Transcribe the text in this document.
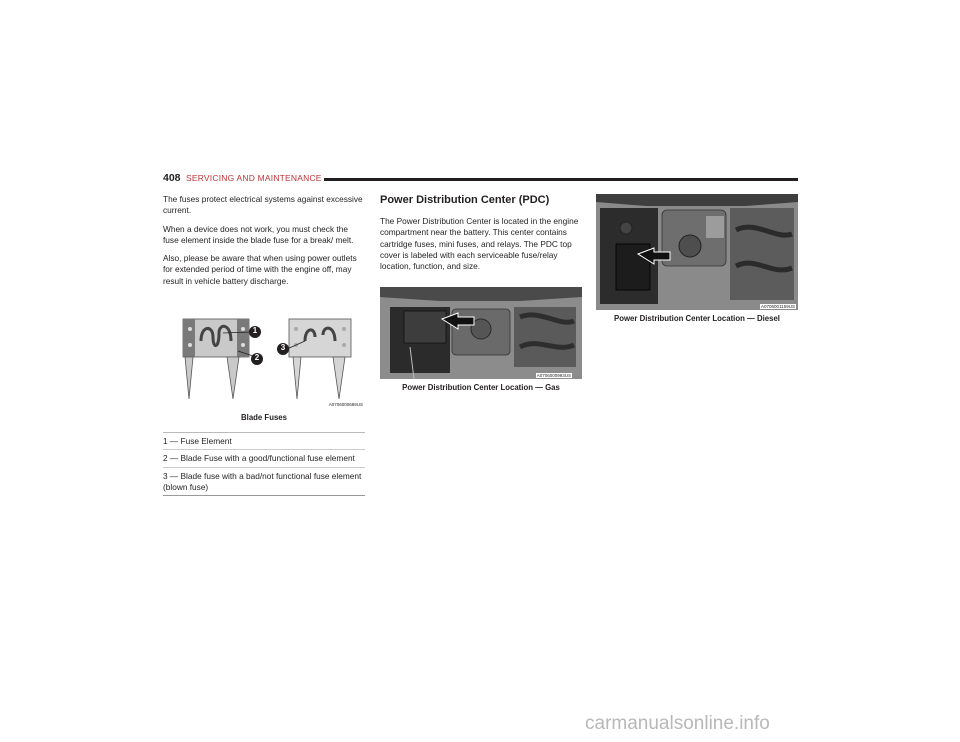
408 SERVICING AND MAINTENANCE

The fuses protect electrical systems against excessive current.

When a device does not work, you must check the fuse element inside the blade fuse for a break/ melt.

Also, please be aware that when using power outlets for extended period of time with the engine off, may result in vehicle battery discharge.

1
2
3
A0706000689US
Blade Fuses
1 — Fuse Element
2 — Blade Fuse with a good/functional fuse element
3 — Blade fuse with a bad/not functional fuse element (blown fuse)
Power Distribution Center (PDC)

The Power Distribution Center is located in the engine compartment near the battery. This center contains cartridge fuses, mini fuses, and relays. The PDC top cover is labeled with each serviceable fuse/relay location, function, and size.

A0706000993US
Power Distribution Center Location — Gas
A0706001159US
Power Distribution Center Location — Diesel
carmanualsonline.info
